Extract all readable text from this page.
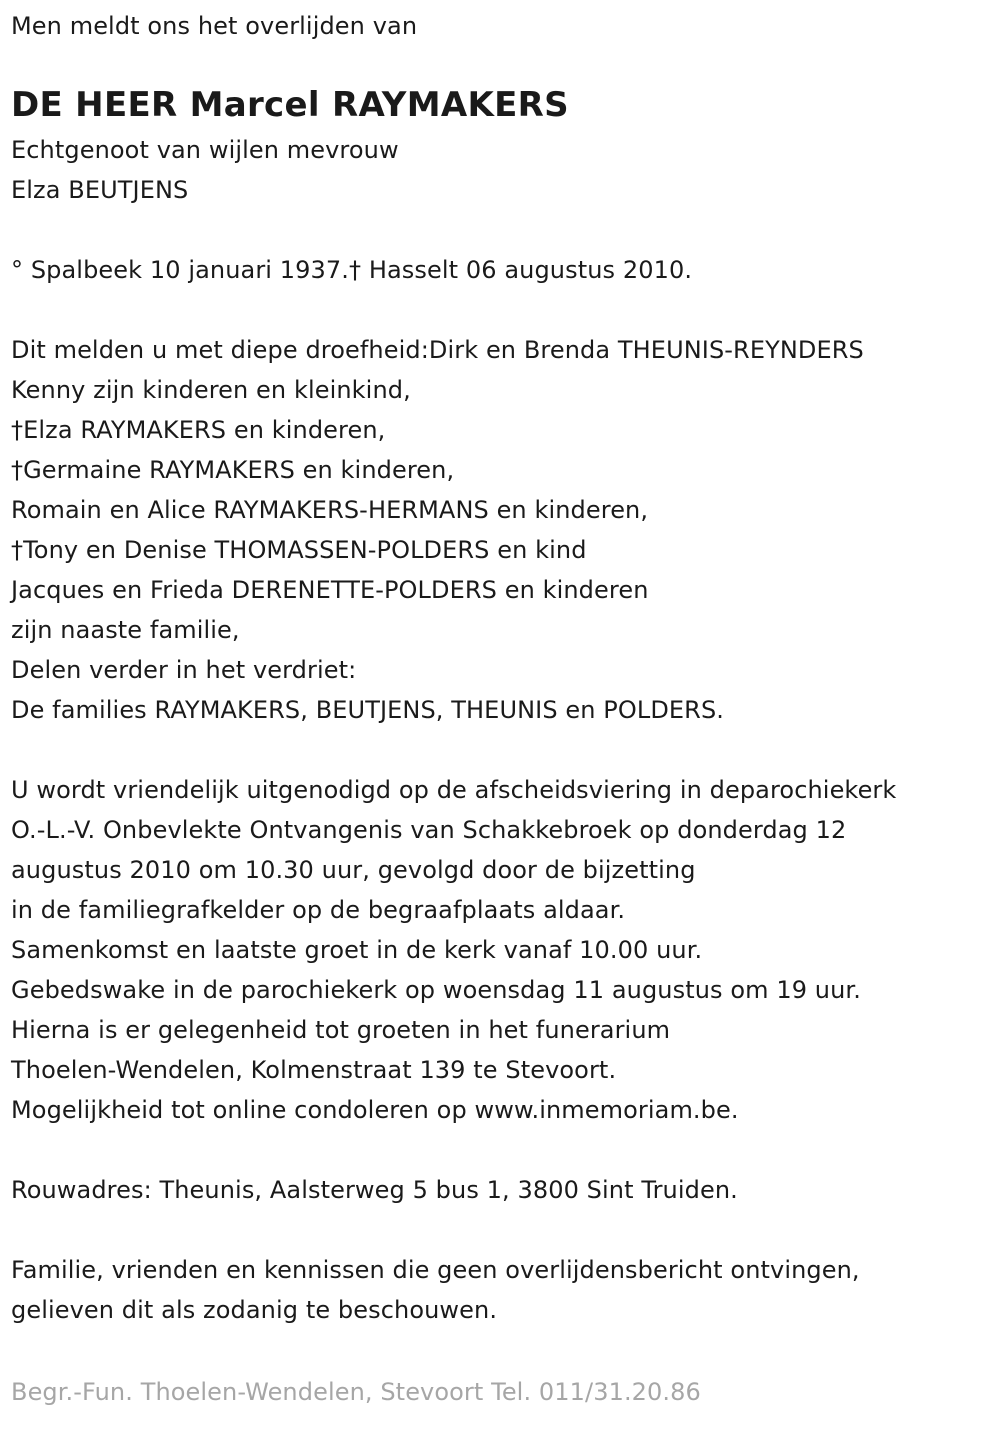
Men meldt ons het overlijden van
DE HEER Marcel RAYMAKERS
Echtgenoot van wijlen mevrouw
Elza BEUTJENS
° Spalbeek 10 januari 1937.† Hasselt 06 augustus 2010.
Dit melden u met diepe droefheid:Dirk en Brenda THEUNIS-REYNDERS
Kenny zijn kinderen en kleinkind,
†Elza RAYMAKERS en kinderen,
†Germaine RAYMAKERS en kinderen,
Romain en Alice RAYMAKERS-HERMANS en kinderen,
†Tony en Denise THOMASSEN-POLDERS en kind
Jacques en Frieda DERENETTE-POLDERS en kinderen
zijn naaste familie,
Delen verder in het verdriet:
De families RAYMAKERS, BEUTJENS, THEUNIS en POLDERS.
U wordt vriendelijk uitgenodigd op de afscheidsviering in deparochiekerk
O.-L.-V. Onbevlekte Ontvangenis van Schakkebroek op donderdag 12
augustus 2010 om 10.30 uur, gevolgd door de bijzetting
in de familiegrafkelder op de begraafplaats aldaar.
Samenkomst en laatste groet in de kerk vanaf 10.00 uur.
Gebedswake in de parochiekerk op woensdag 11 augustus om 19 uur.
Hierna is er gelegenheid tot groeten in het funerarium
Thoelen-Wendelen, Kolmenstraat 139 te Stevoort.
Mogelijkheid tot online condoleren op www.inmemoriam.be.
Rouwadres: Theunis, Aalsterweg 5 bus 1, 3800 Sint Truiden.
Familie, vrienden en kennissen die geen overlijdensbericht ontvingen,
gelieven dit als zodanig te beschouwen.
Begr.-Fun. Thoelen-Wendelen, Stevoort Tel. 011/31.20.86
